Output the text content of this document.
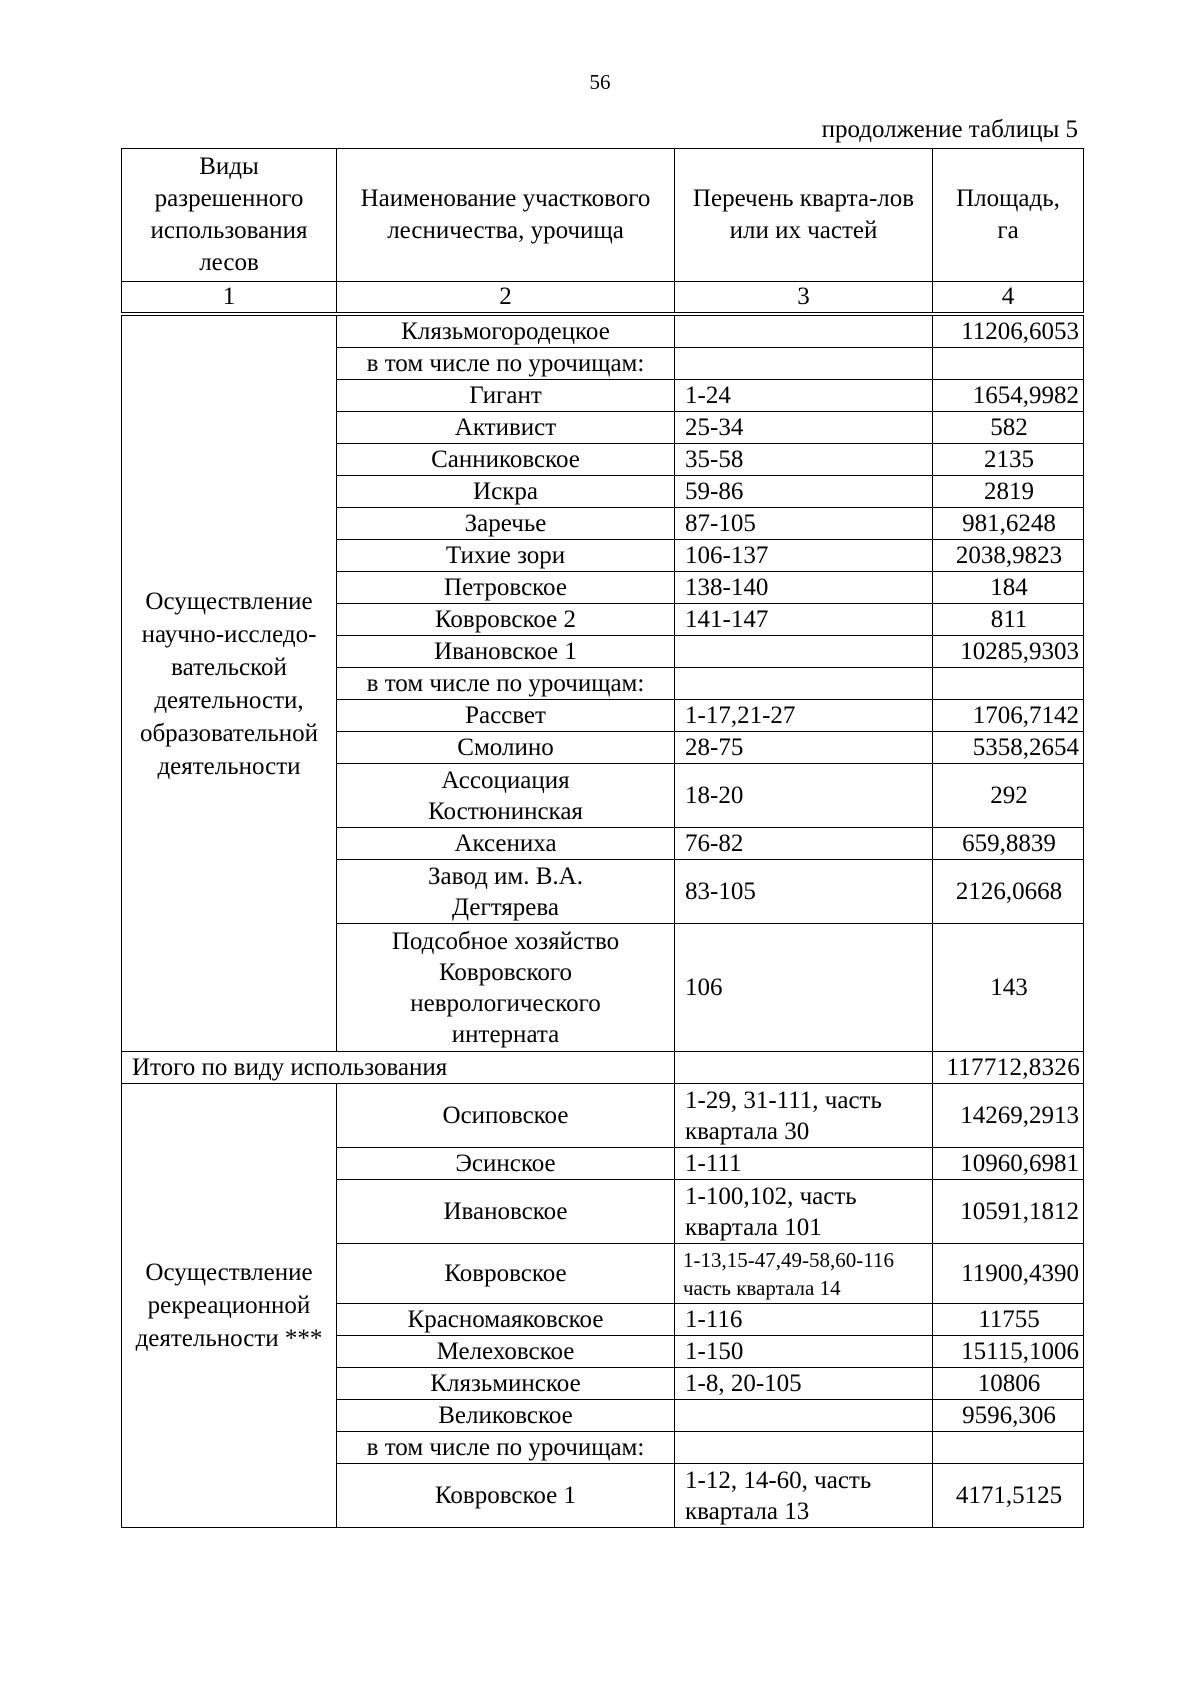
56
продолжение таблицы 5
Виды разрешенного использования лесов	Наименование участкового лесничества, урочища	Перечень кварта-лов или их частей	Площадь, га
1	2	3	4
Осуществление научно-исследо-вательской деятельности, образовательной деятельности	Клязьмогородецкое		11206,6053
	в том числе по урочищам:		
	Гигант	1-24	1654,9982
	Активист	25-34	582
	Санниковское	35-58	2135
	Искра	59-86	2819
	Заречье	87-105	981,6248
	Тихие зори	106-137	2038,9823
	Петровское	138-140	184
	Ковровское 2	141-147	811
	Ивановское 1		10285,9303
	в том числе по урочищам:		
	Рассвет	1-17,21-27	1706,7142
	Смолино	28-75	5358,2654
	Ассоциация Костюнинская	18-20	292
	Аксениха	76-82	659,8839
	Завод им. В.А. Дегтярева	83-105	2126,0668
	Подсобное хозяйство Ковровского неврологического интерната	106	143
Итого по виду использования			117712,8326
Осуществление рекреационной деятельности ***	Осиповское	1-29, 31-111, часть квартала 30	14269,2913
	Эсинское	1-111	10960,6981
	Ивановское	1-100,102, часть квартала 101	10591,1812
	Ковровское	1-13,15-47,49-58,60-116 часть квартала 14	11900,4390
	Красномаяковское	1-116	11755
	Мелеховское	1-150	15115,1006
	Клязьминское	1-8, 20-105	10806
	Великовское		9596,306
	в том числе по урочищам:		
	Ковровское 1	1-12, 14-60, часть квартала 13	4171,5125
